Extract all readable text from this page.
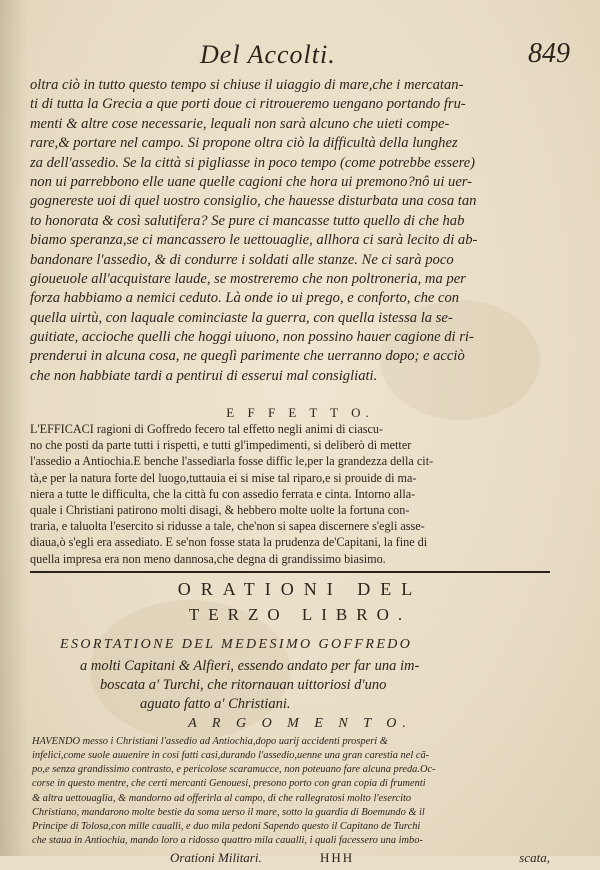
Del Accolti.	849
oltra ciò in tutto questo tempo si chiuse il uiaggio di mare,che i mercatan-
ti di tutta la Grecia a que porti doue ci ritroueremo uengano portando fru-
menti & altre cose necessarie, lequali non sarà alcuno che uieti compe-
rare,& portare nel campo. Si propone oltra ciò la difficultà della lunghez
za dell'assedio. Se la città si pigliasse in poco tempo (come potrebbe essere)
non ui parrebbono elle uane quelle cagioni che hora ui premono?nô ui uer-
gognereste uoi di quel uostro consiglio, che hauesse disturbata una cosa tan
to honorata & così salutifera? Se pure ci mancasse tutto quello di che hab
biamo speranza,se ci mancassero le uettouaglie, allhora ci sarà lecito di ab-
bandonare l'assedio, & di condurre i soldati alle stanze. Ne ci sarà poco
giouеuole all'acquistare laude, se mostreremo che non poltroneria, ma per
forza habbiamo a nemici ceduto. Là onde io ui prego, e conforto, che con
quella uirtù, con laquale cominciaste la guerra, con quella istessa la se-
guitiate, accioche quelli che hoggi uiuono, non possino hauer cagione di ri-
prenderui in alcuna cosa, ne queglì parimente che uerranno dopo; e acciò
che non habbiate tardi a pentirui di esserui mal consigliati.
E F F E T T O.
L'EFFICACI ragioni di Goffredo fecero tal effetto negli animi di ciascu-
no che posti da parte tutti i rispetti, e tutti gl'impedimenti, si deliberò di metter
l'assedio a Antiochia.E benche l'assediarla fosse diffic le,per la grandezza della cit-
tà,e per la natura forte del luogo,tuttauia ei si mise tal riparo,e si prouide di ma-
niera a tutte le difficulta, che la città fu con assedio ferrata e cinta. Intorno alla-
quale i Christiani patirono molti disagi, & hebbero molte uolte la fortuna con-
traria, e taluolta l'esercito si ridusse a tale, che'non si sapea discernere s'egli asse-
diaua,ò s'egli era assediato. E se'non fosse stata la prudenza de'Capitani, la fine di
quella impresa era non meno dannosa,che degna di grandissimo biasimo.
ORATIONI DEL
TERZO LIBRO.
ESORTATIONE DEL MEDESIMO GOFFREDO
a molti Capitani & Alfieri, essendo andato per far una im-
boscata a' Turchi, che ritornauan uittoriosi d'uno
aguato fatto a' Christiani.
A R G O M E N T O.
HAVENDO messo i Christiani l'assedio ad Antiochia,dopo uarij accidenti prosperi &
infelici,come suole auuenire in cosi fatti casi,durando l'assedio,uenne una gran carestia nel cã-
po,e senza grandissimo contrasto, e pericolose scaramucce, non poteuano fare alcuna preda.Oc-
corse in questo mentre, che certi mercanti Genouesi, presono porto con gran copia di frumenti
& altra uettouaglia, & mandorno ad offerirla al campo, di che rallegratosi molto l'esercito
Christiano, mandarono molte bestie da soma uerso il mare, sotto la guardia di Boemundo & il
Principe di Tolosa,con mille caualli, e duo mila pedoni Sapendo questo il Capitano de Turchi
che staua in Antiochia, mando loro a ridosso quattro mila caualli, i quali facessero una imbo-
Orationi Militari.	HHH	scata,
